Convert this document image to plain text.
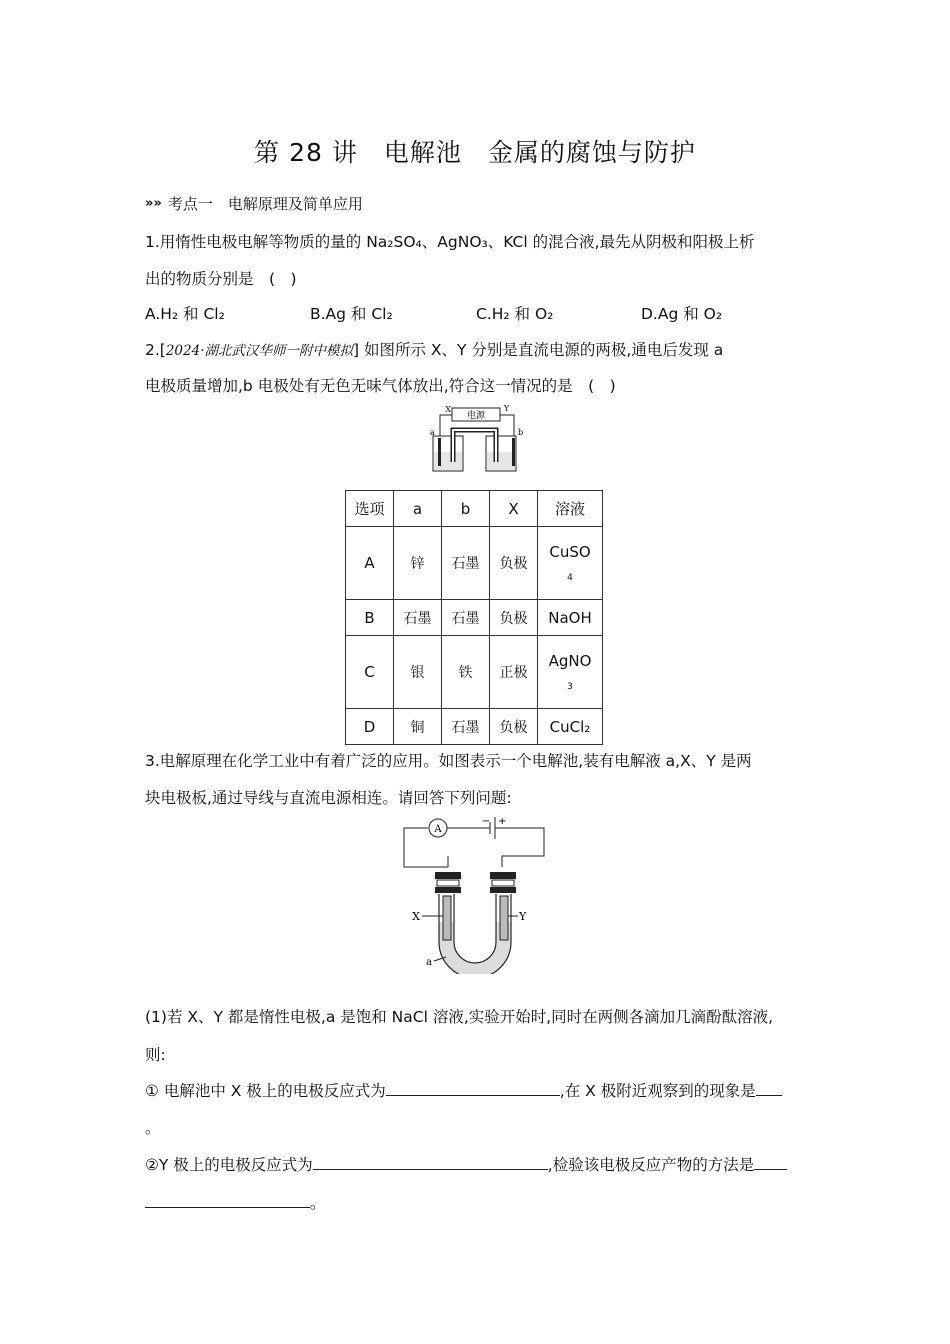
第 28 讲　电解池　金属的腐蚀与防护
» » 考点一　电解原理及简单应用
1.用惰性电极电解等物质的量的 Na₂SO₄、AgNO₃、KCl 的混合液,最先从阴极和阳极上析
出的物质分别是　(　)
A.H₂ 和 Cl₂	B.Ag 和 Cl₂	C.H₂ 和 O₂	D.Ag 和 O₂
2.[2024·湖北武汉华师一附中模拟] 如图所示 X、Y 分别是直流电源的两极,通电后发现 a
电极质量增加,b 电极处有无色无味气体放出,符合这一情况的是　(　)
电源
X	Y
a	b
选项	a	b	X	溶液
A	锌	石墨	负极	CuSO
4

B	石墨	石墨	负极	NaOH
C	银	铁	正极	AgNO
3

D	铜	石墨	负极	CuCl₂
3.电解原理在化学工业中有着广泛的应用。如图表示一个电解池,装有电解液 a,X、Y 是两
块电极板,通过导线与直流电源相连。请回答下列问题:
A
− +
X	Y
a
(1)若 X、Y 都是惰性电极,a 是饱和 NaCl 溶液,实验开始时,同时在两侧各滴加几滴酚酞溶液,
则:
① 电解池中 X 极上的电极反应式为	,在 X 极附近观察到的现象是
。
②Y 极上的电极反应式为	,检验该电极反应产物的方法是
。
